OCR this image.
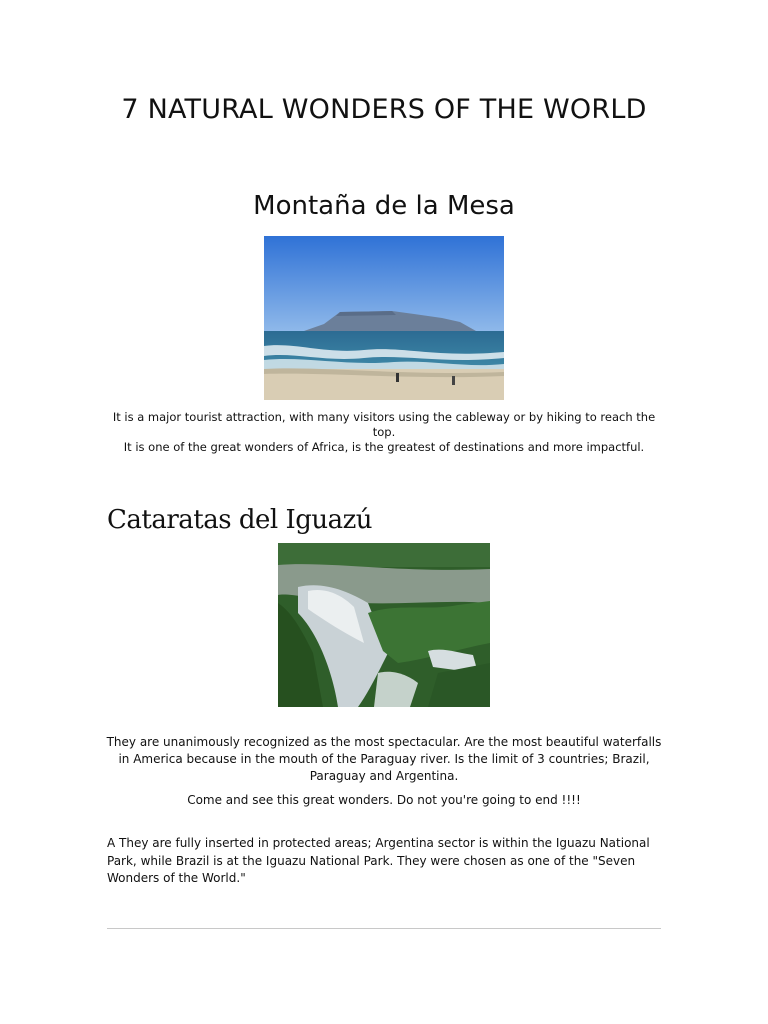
7 NATURAL WONDERS OF THE WORLD
Montaña de la Mesa

It is a major tourist attraction, with many visitors using the cableway or by hiking to reach the top.
It is one of the great wonders of Africa, is the greatest of destinations and more impactful.

Cataratas del Iguazú

They are unanimously recognized as the most spectacular. Are the most beautiful waterfalls in America because in the mouth of the Paraguay river. Is the limit of 3 countries; Brazil, Paraguay and Argentina.

Come and see this great wonders. Do not you're going to end !!!!

A They are fully inserted in protected areas; Argentina sector is within the Iguazu National Park, while Brazil is at the Iguazu National Park. They were chosen as one of the "Seven Wonders of the World."
